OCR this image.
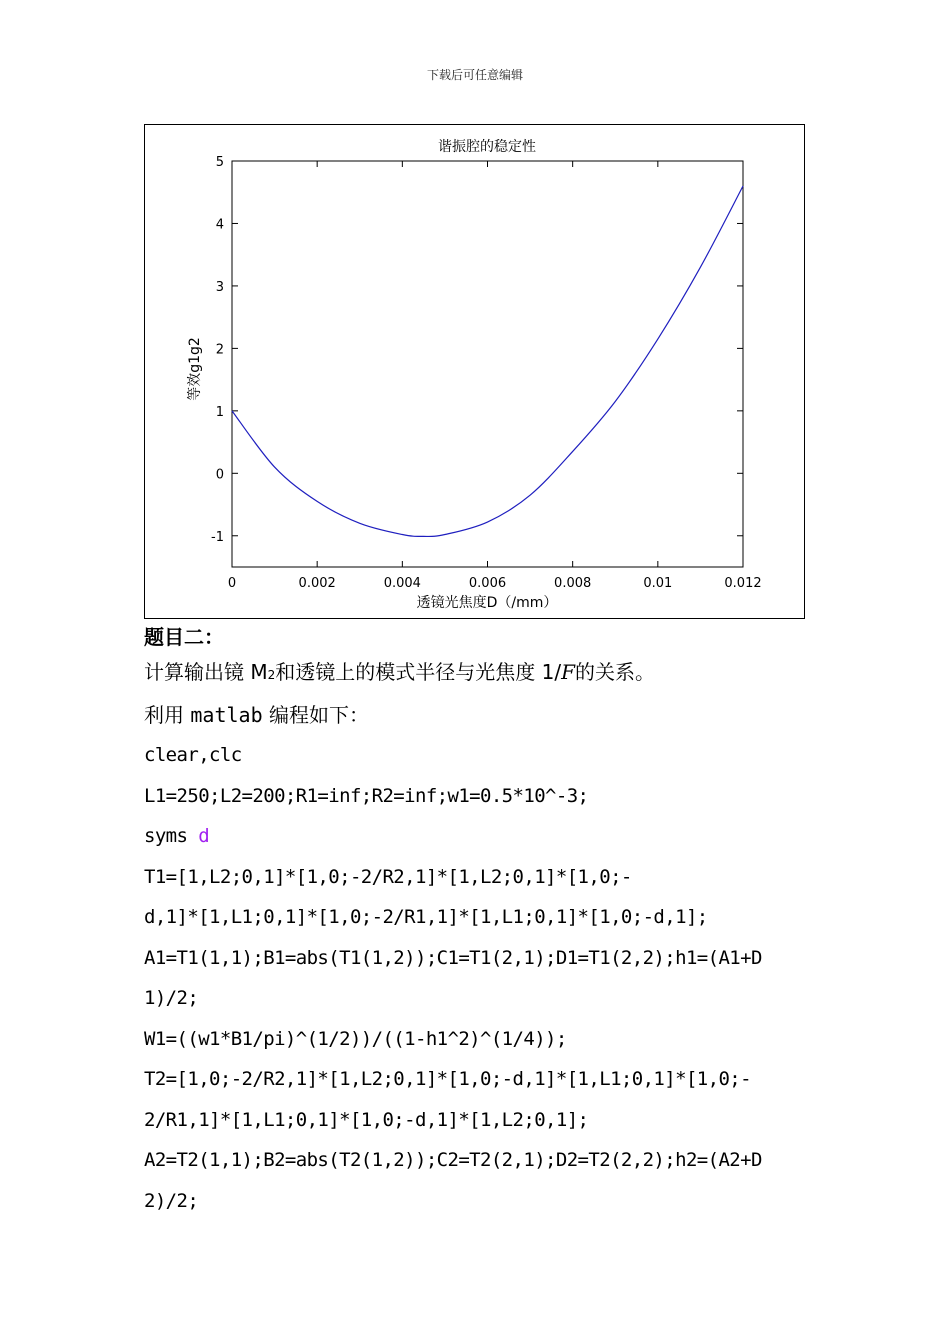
下载后可任意编辑
0	0.002	0.004	0.006	0.008	0.01	0.012
-1
0
1
2
3
4
5
谐振腔的稳定性
透镜光焦度D（/mm）
等效g1g2
题目二：
计算输出镜 M2和透镜上的模式半径与光焦度 1/F的关系。
利用 matlab 编程如下：
clear,clc
L1=250;L2=200;R1=inf;R2=inf;w1=0.5*10^-3;
syms d
T1=[1,L2;0,1]*[1,0;-2/R2,1]*[1,L2;0,1]*[1,0;-
d,1]*[1,L1;0,1]*[1,0;-2/R1,1]*[1,L1;0,1]*[1,0;-d,1];
A1=T1(1,1);B1=abs(T1(1,2));C1=T1(2,1);D1=T1(2,2);h1=(A1+D
1)/2;
W1=((w1*B1/pi)^(1/2))/((1-h1^2)^(1/4));
T2=[1,0;-2/R2,1]*[1,L2;0,1]*[1,0;-d,1]*[1,L1;0,1]*[1,0;-
2/R1,1]*[1,L1;0,1]*[1,0;-d,1]*[1,L2;0,1];
A2=T2(1,1);B2=abs(T2(1,2));C2=T2(2,1);D2=T2(2,2);h2=(A2+D
2)/2;
